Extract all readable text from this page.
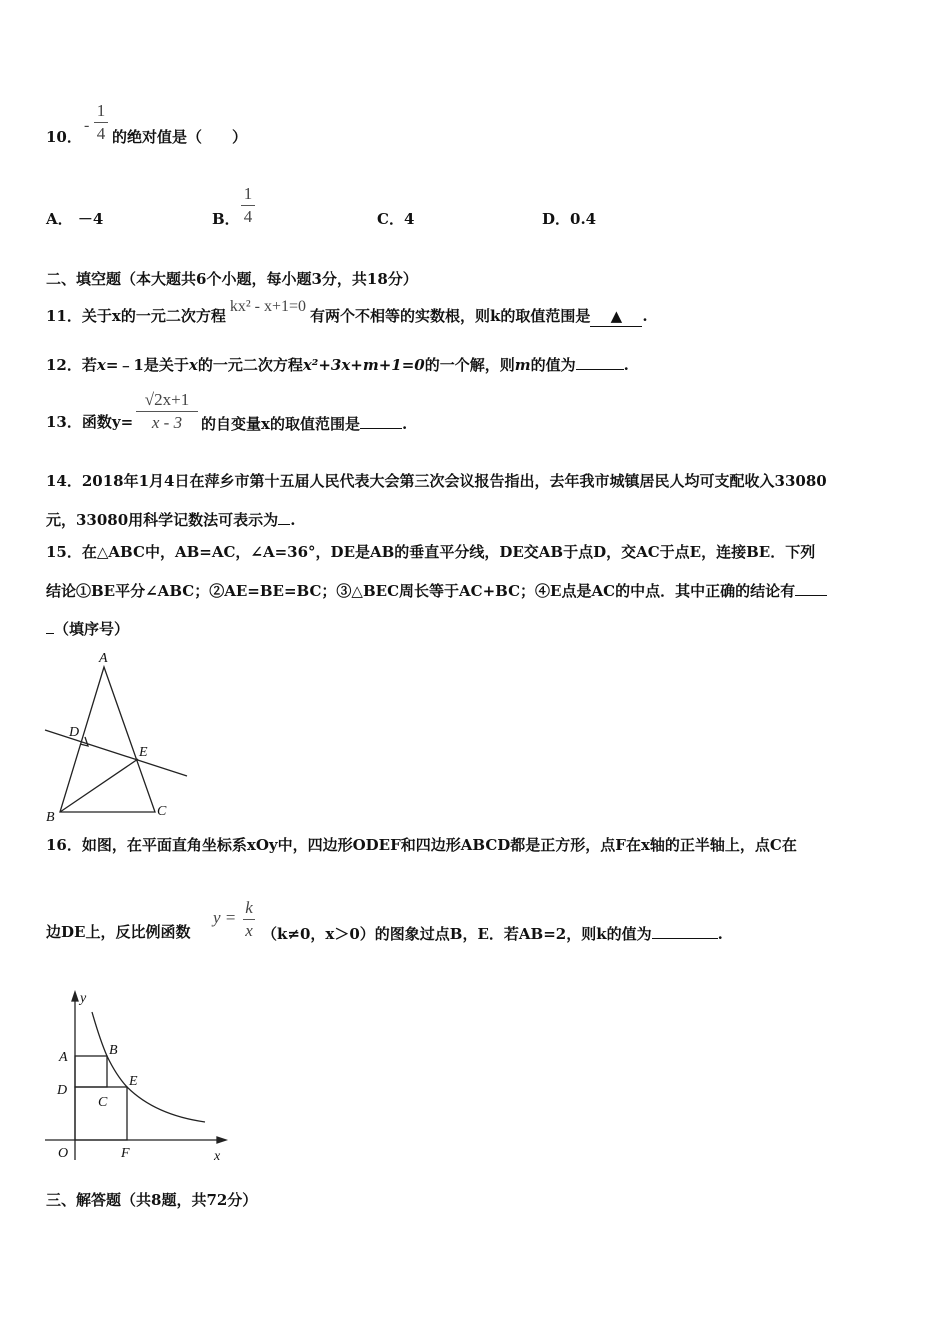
10．
-
1
4 的绝对值是（　　）
A． －4	B．
1
4	C．4	D．0.4
二、填空题（本大题共6个小题，每小题3分，共18分）
11．关于x的一元二次方程kx² - x+1=0有两个不相等的实数根，则k的取值范围是 ▲ .
12．若x=﹣1是关于x的一元二次方程x²+3x+m+1=0的一个解，则m的值为	.
13．函数y=
√2x+1
x - 3	的自变量x的取值范围是	.
14．2018年1月4日在萍乡市第十五届人民代表大会第三次会议报告指出，去年我市城镇居民人均可支配收入33080
元，33080用科学记数法可表示为 .
15．在△ABC中，AB=AC，∠A=36°，DE是AB的垂直平分线，DE交AB于点D，交AC于点E，连接BE．下列
结论①BE平分∠ABC；②AE=BE=BC；③△BEC周长等于AC+BC；④E点是AC的中点．其中正确的结论有
（填序号）
A
D
E
B	C
16．如图，在平面直角坐标系xOy中，四边形ODEF和四边形ABCD都是正方形，点F在x轴的正半轴上，点C在
边DE上，反比例函数
y =
k
x （k≠0，x＞0）的图象过点B，E．若AB=2，则k的值为	.
y
A	B
D
C
E
O	F	x
三、解答题（共8题，共72分）
